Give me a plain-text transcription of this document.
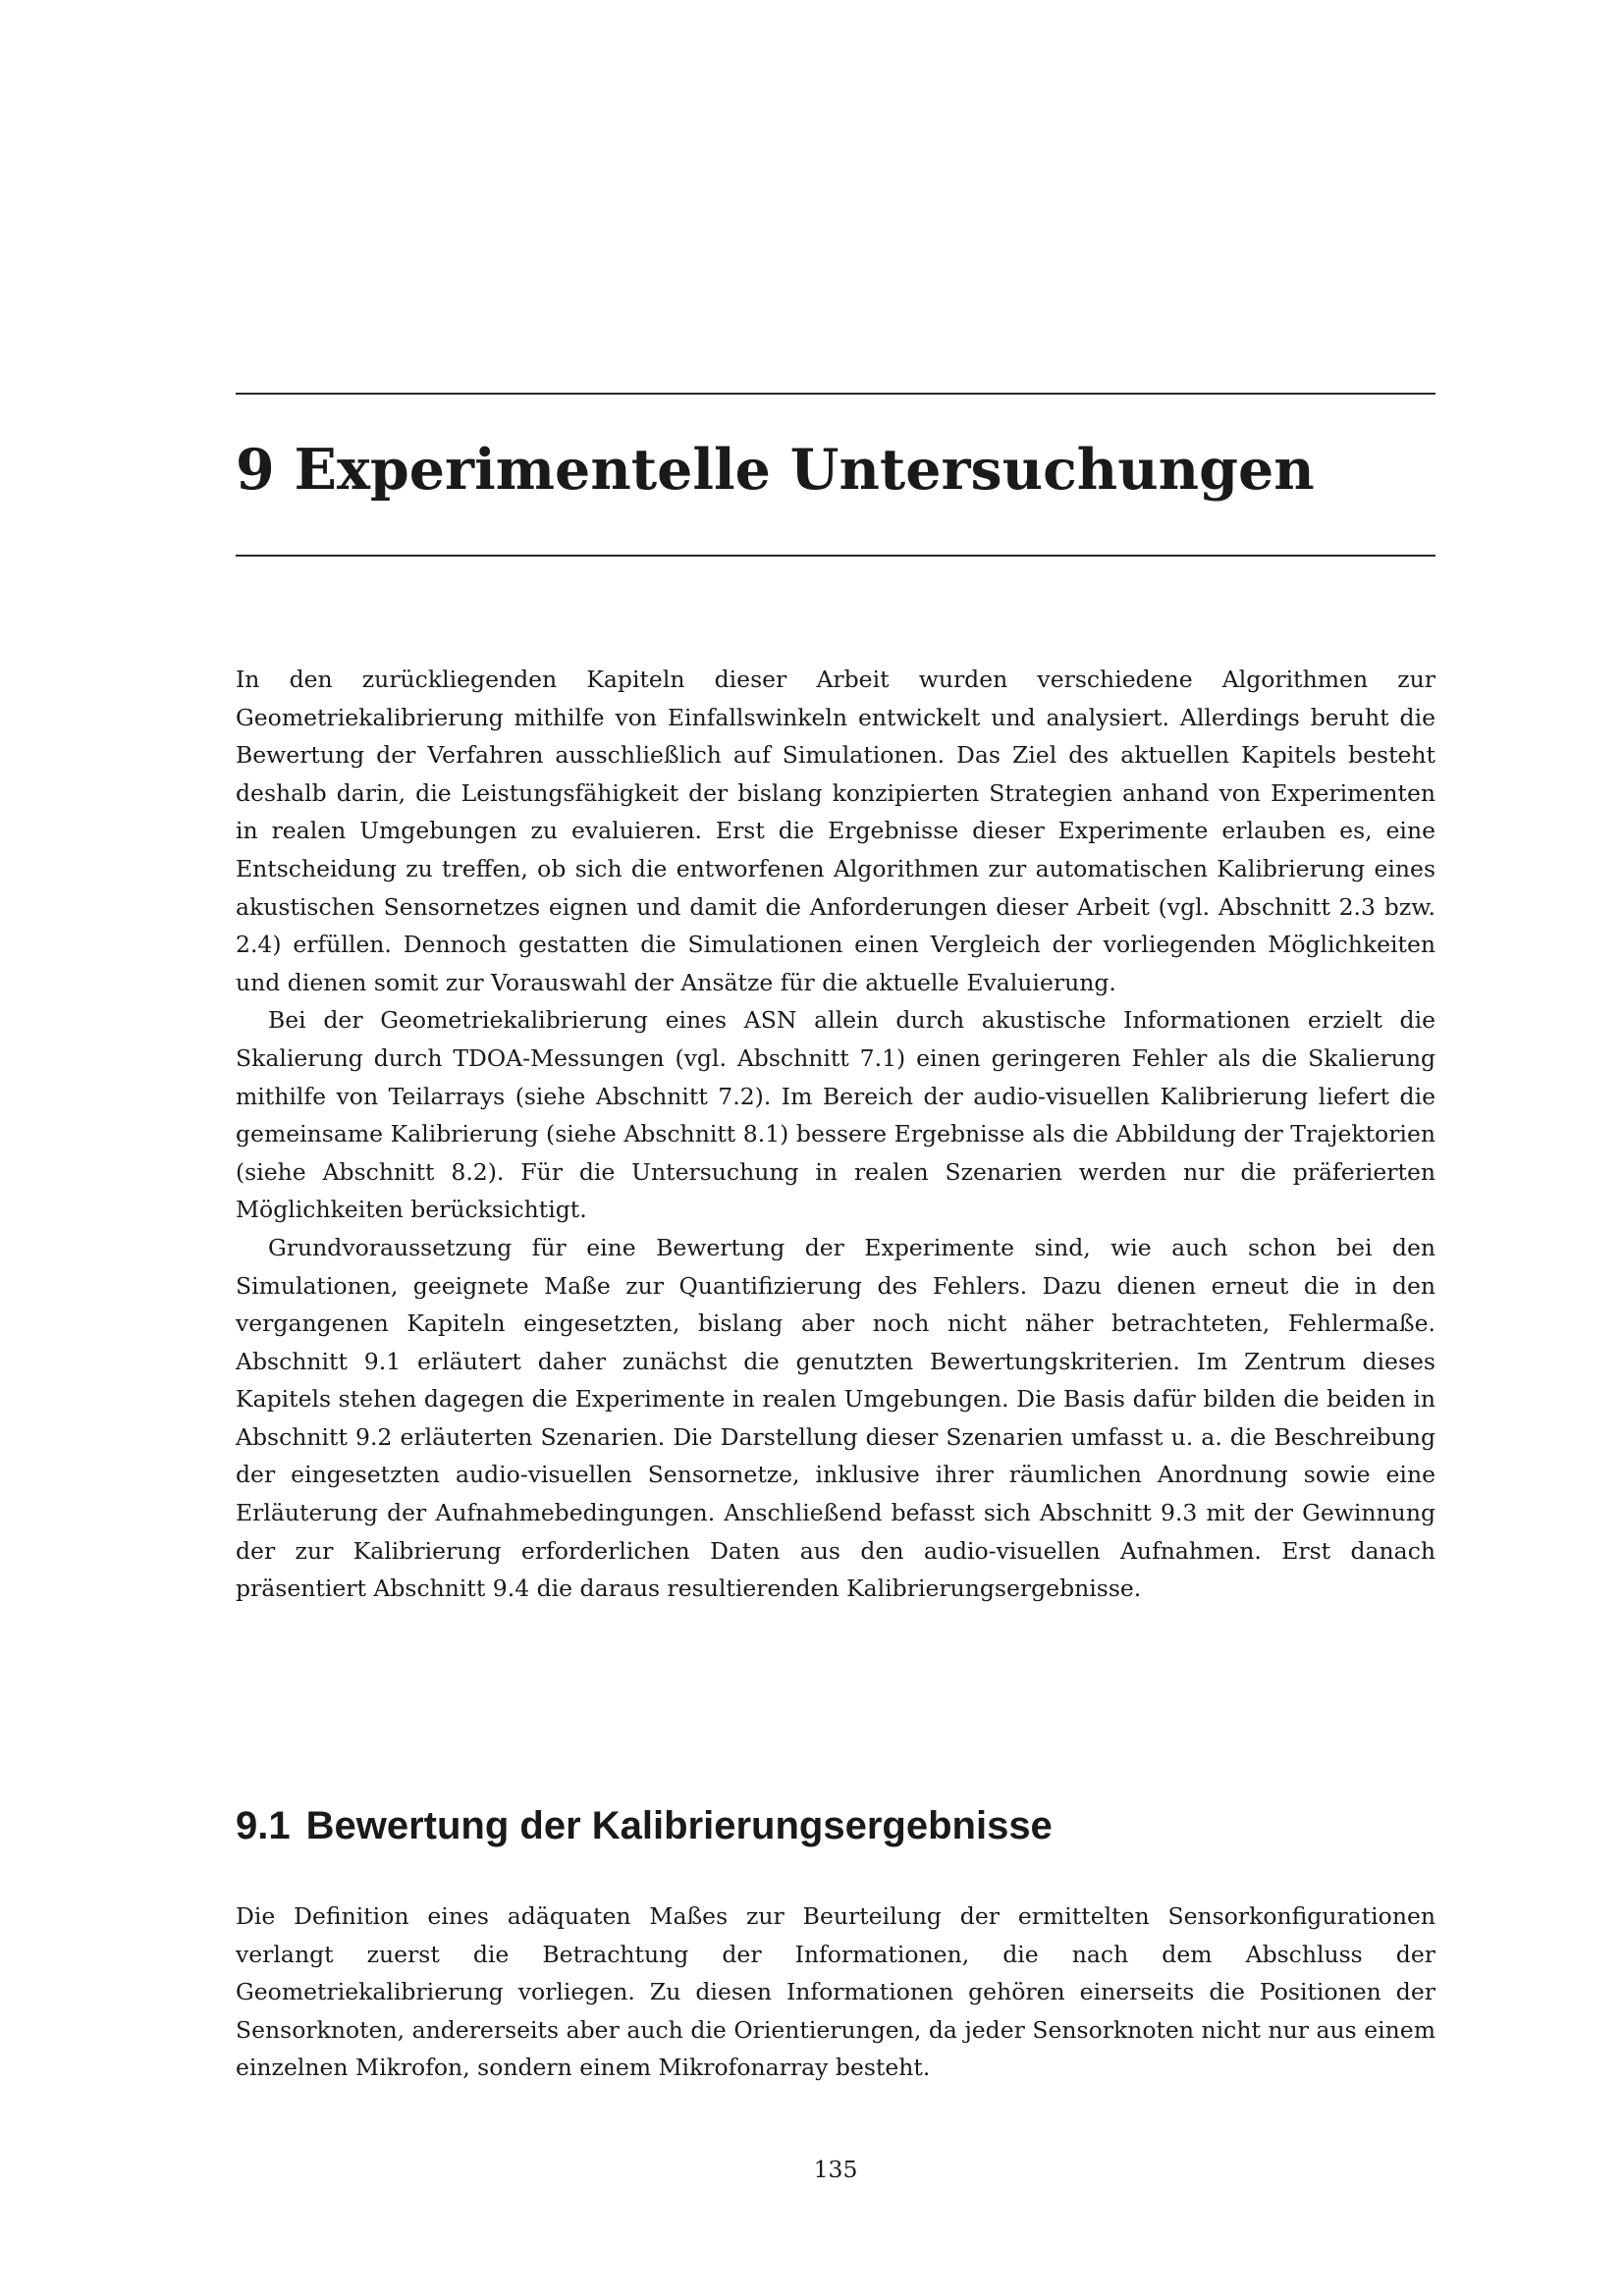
9 Experimentelle Untersuchungen

In den zurückliegenden Kapiteln dieser Arbeit wurden verschiedene Algorithmen zur Geometriekalibrierung mithilfe von Einfallswinkeln entwickelt und analysiert. Allerdings beruht die Bewertung der Verfahren ausschließlich auf Simulationen. Das Ziel des aktuellen Kapitels besteht deshalb darin, die Leistungsfähigkeit der bislang konzipierten Strategien anhand von Experimenten in realen Umgebungen zu evaluieren. Erst die Ergebnisse dieser Experimente erlauben es, eine Entscheidung zu treffen, ob sich die entworfenen Algorithmen zur automatischen Kalibrierung eines akustischen Sensornetzes eignen und damit die Anforderungen dieser Arbeit (vgl. Abschnitt 2.3 bzw. 2.4) erfüllen. Dennoch gestatten die Simulationen einen Vergleich der vorliegenden Möglichkeiten und dienen somit zur Vorauswahl der Ansätze für die aktuelle Evaluierung.

Bei der Geometriekalibrierung eines ASN allein durch akustische Informationen erzielt die Skalierung durch TDOA-Messungen (vgl. Abschnitt 7.1) einen geringeren Fehler als die Skalierung mithilfe von Teilarrays (siehe Abschnitt 7.2). Im Bereich der audio-visuellen Kalibrierung liefert die gemeinsame Kalibrierung (siehe Abschnitt 8.1) bessere Ergebnisse als die Abbildung der Trajektorien (siehe Abschnitt 8.2). Für die Untersuchung in realen Szenarien werden nur die präferierten Möglichkeiten berücksichtigt.

Grundvoraussetzung für eine Bewertung der Experimente sind, wie auch schon bei den Simulationen, geeignete Maße zur Quantifizierung des Fehlers. Dazu dienen erneut die in den vergangenen Kapiteln eingesetzten, bislang aber noch nicht näher betrachteten, Fehlermaße. Abschnitt 9.1 erläutert daher zunächst die genutzten Bewertungskriterien. Im Zentrum dieses Kapitels stehen dagegen die Experimente in realen Umgebungen. Die Basis dafür bilden die beiden in Abschnitt 9.2 erläuterten Szenarien. Die Darstellung dieser Szenarien umfasst u. a. die Beschreibung der eingesetzten audio-visuellen Sensornetze, inklusive ihrer räumlichen Anordnung sowie eine Erläuterung der Aufnahmebedingungen. Anschließend befasst sich Abschnitt 9.3 mit der Gewinnung der zur Kalibrierung erforderlichen Daten aus den audio-visuellen Aufnahmen. Erst danach präsentiert Abschnitt 9.4 die daraus resultierenden Kalibrierungsergebnisse.

9.1 Bewertung der Kalibrierungsergebnisse

Die Definition eines adäquaten Maßes zur Beurteilung der ermittelten Sensorkonfigurationen verlangt zuerst die Betrachtung der Informationen, die nach dem Abschluss der Geometriekalibrierung vorliegen. Zu diesen Informationen gehören einerseits die Positionen der Sensorknoten, andererseits aber auch die Orientierungen, da jeder Sensorknoten nicht nur aus einem einzelnen Mikrofon, sondern einem Mikrofonarray besteht.

135
